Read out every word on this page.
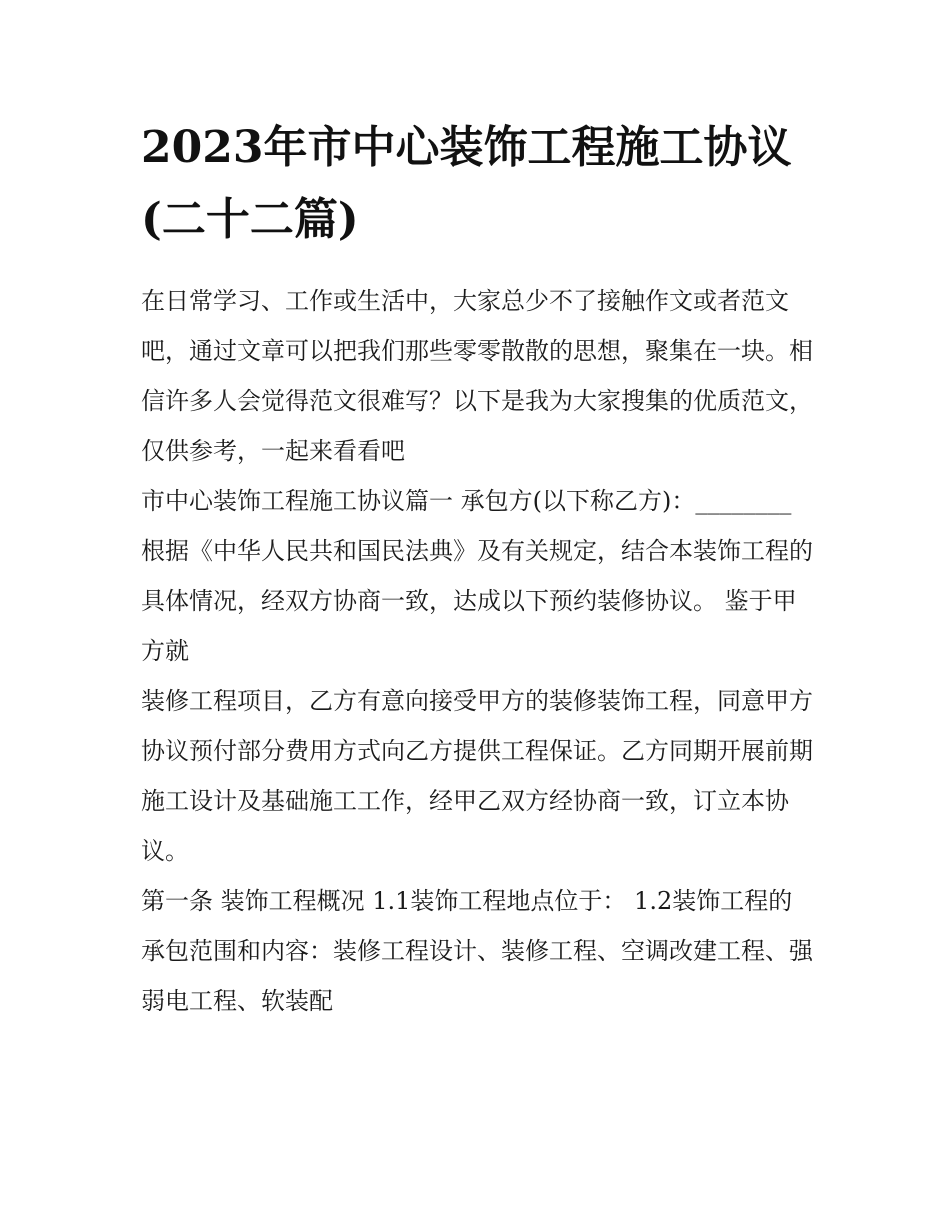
2023年市中心装饰工程施工协议(二十二篇)

在日常学习、工作或生活中，大家总少不了接触作文或者范文吧，通过文章可以把我们那些零零散散的思想，聚集在一块。相信许多人会觉得范文很难写？以下是我为大家搜集的优质范文，仅供参考，一起来看看吧

市中心装饰工程施工协议篇一 承包方(以下称乙方)：________ 根据《中华人民共和国民法典》及有关规定，结合本装饰工程的具体情况，经双方协商一致，达成以下预约装修协议。 鉴于甲方就

装修工程项目，乙方有意向接受甲方的装修装饰工程，同意甲方协议预付部分费用方式向乙方提供工程保证。乙方同期开展前期施工设计及基础施工工作，经甲乙双方经协商一致，订立本协议。

第一条 装饰工程概况 1.1装饰工程地点位于： 1.2装饰工程的承包范围和内容：装修工程设计、装修工程、空调改建工程、强弱电工程、软装配
